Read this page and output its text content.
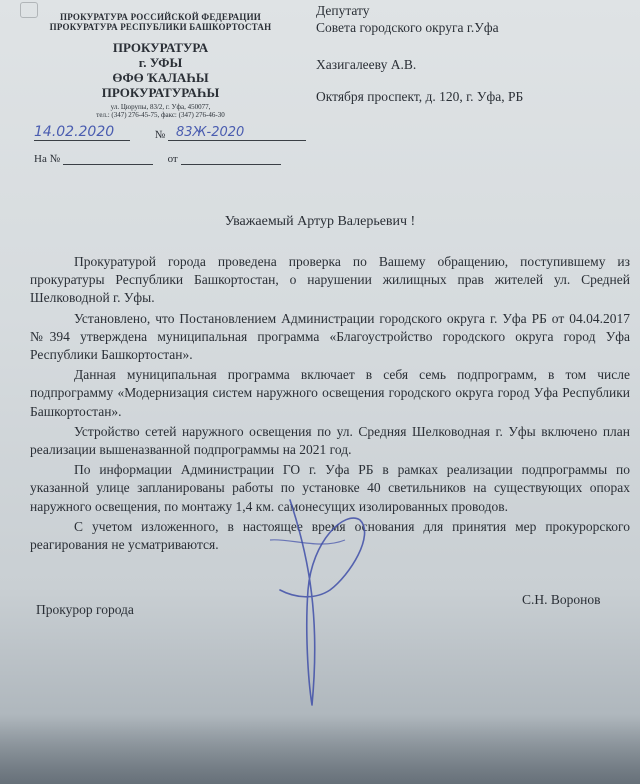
ПРОКУРАТУРА РОССИЙСКОЙ ФЕДЕРАЦИИ
ПРОКУРАТУРА РЕСПУБЛИКИ БАШКОРТОСТАН
ПРОКУРАТУРА
г. УФЫ
ӨФӨ ҠАЛАҺЫ
ПРОКУРАТУРАҺЫ
ул. Цюрупы, 83/2, г. Уфа, 450077,
тел.: (347) 276-45-75, факс: (347) 276-46-30
14.02.2020	№ 83Ж-2020
На №	от
Депутату
Совета городского округа г.Уфа
Хазигалееву А.В.
Октября проспект, д. 120, г. Уфа, РБ
Уважаемый Артур Валерьевич !

Прокуратурой города проведена проверка по Вашему обращению, поступившему из прокуратуры Республики Башкортостан, о нарушении жилищных прав жителей ул. Средней Шелководной г. Уфы.

Установлено, что Постановлением Администрации городского округа г. Уфа РБ от 04.04.2017 №394 утверждена муниципальная программа «Благоустройство городского округа город Уфа Республики Башкортостан».

Данная муниципальная программа включает в себя семь подпрограмм, в том числе подпрограмму «Модернизация систем наружного освещения городского округа город Уфа Республики Башкортостан».

Устройство сетей наружного освещения по ул. Средняя Шелководная г. Уфы включено план реализации вышеназванной подпрограммы на 2021 год.

По информации Администрации ГО г. Уфа РБ в рамках реализации подпрограммы по указанной улице запланированы работы по установке 40 светильников на существующих опорах наружного освещения, по монтажу 1,4 км. самонесущих изолированных проводов.

С учетом изложенного, в настоящее время основания для принятия мер прокурорского реагирования не усматриваются.

Прокурор города
С.Н. Воронов
